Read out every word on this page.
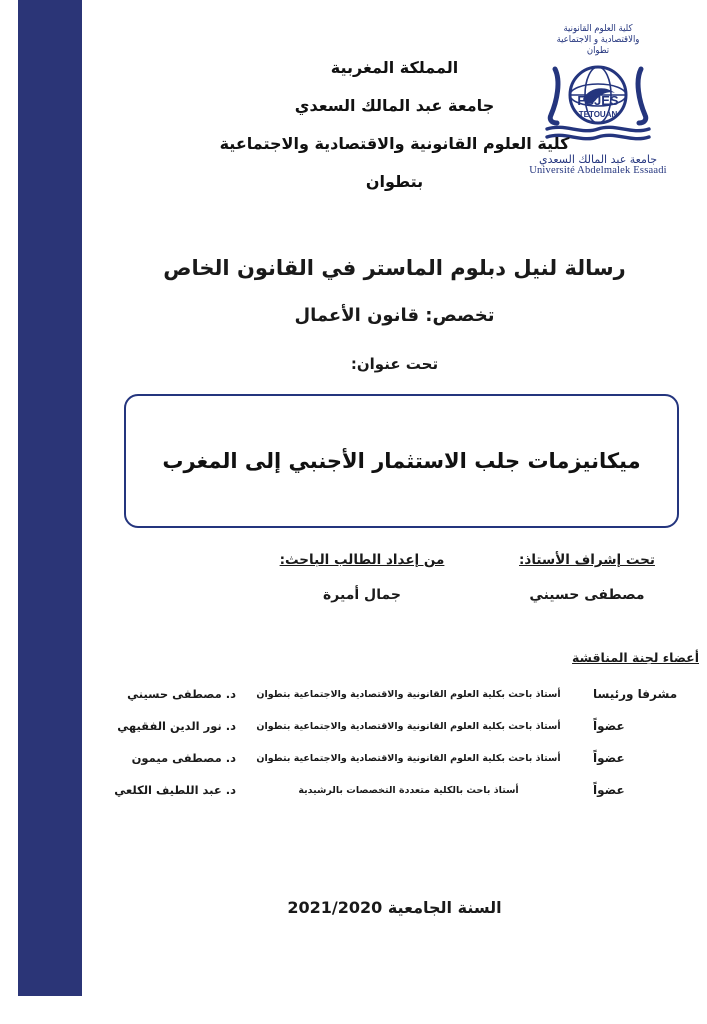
كلية العلوم القانونية
والاقتصادية و الاجتماعية
تطوان
FSJES
TETOUAN
جامعة عبد المالك السعدي
Université Abdelmalek Essaadi
المملكة المغربية
جامعة عبد المالك السعدي
كلية العلوم القانونية والاقتصادية والاجتماعية
بتطوان
رسالة لنيل دبلوم الماستر في القانون الخاص
تخصص: قانون الأعمال
تحت عنوان:
ميكانيزمات جلب الاستثمار الأجنبي إلى المغرب
من إعداد الطالب الباحث:
جمال أميرة
تحت إشراف الأستاذ:
مصطفى حسيني
أعضاء لجنة المناقشة
مشرفا ورئيسا	أستاذ باحث بكلية العلوم القانونية والاقتصادية والاجتماعية بتطوان	د. مصطفى حسيني
عضواً	أستاذ باحث بكلية العلوم القانونية والاقتصادية والاجتماعية بتطوان	د. نور الدين الفقيهي
عضواً	أستاذ باحث بكلية العلوم القانونية والاقتصادية والاجتماعية بتطوان	د. مصطفى ميمون
عضواً	أستاذ باحث بالكلية متعددة التخصصات بالرشيدية	د. عبد اللطيف الكلعي
السنة الجامعية 2021/2020
